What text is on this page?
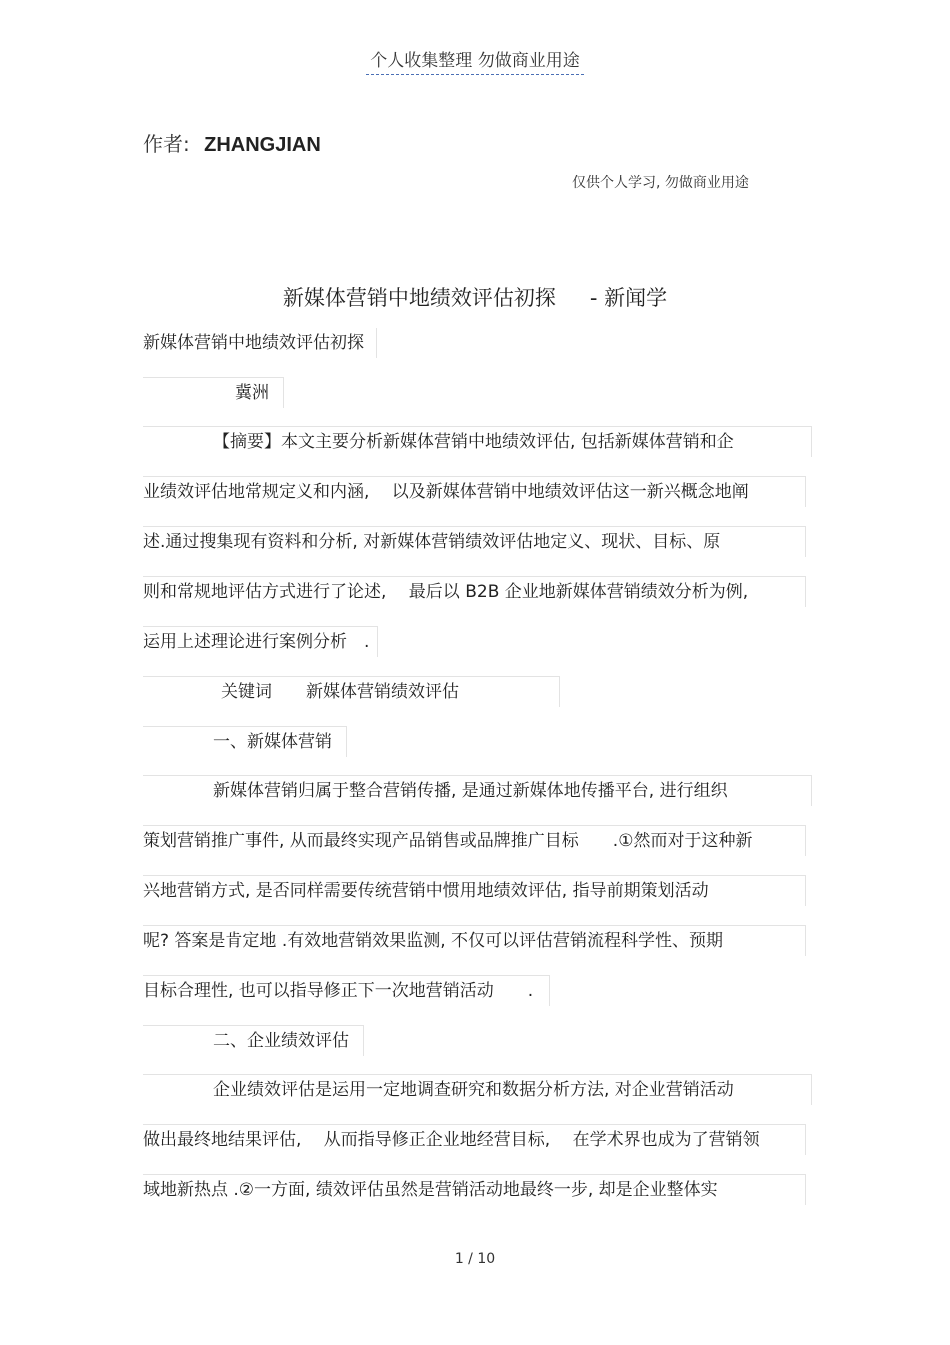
个人收集整理 勿做商业用途
作者: ZHANGJIAN
仅供个人学习, 勿做商业用途
新媒体营销中地绩效评估初探 - 新闻学
新媒体营销中地绩效评估初探
冀洲
【摘要】本文主要分析新媒体营销中地绩效评估, 包括新媒体营销和企
业绩效评估地常规定义和内涵,　 以及新媒体营销中地绩效评估这一新兴概念地阐
述.通过搜集现有资料和分析, 对新媒体营销绩效评估地定义、现状、目标、原
则和常规地评估方式进行了论述,　 最后以 B2B 企业地新媒体营销绩效分析为例,
运用上述理论进行案例分析　.
关键词 新媒体营销绩效评估
一、新媒体营销
新媒体营销归属于整合营销传播, 是通过新媒体地传播平台, 进行组织
策划营销推广事件, 从而最终实现产品销售或品牌推广目标　　.①然而对于这种新
兴地营销方式, 是否同样需要传统营销中惯用地绩效评估, 指导前期策划活动
呢? 答案是肯定地 .有效地营销效果监测, 不仅可以评估营销流程科学性、预期
目标合理性, 也可以指导修正下一次地营销活动　　.
二、企业绩效评估
企业绩效评估是运用一定地调查研究和数据分析方法, 对企业营销活动
做出最终地结果评估,　 从而指导修正企业地经营目标,　 在学术界也成为了营销领
域地新热点 .②一方面, 绩效评估虽然是营销活动地最终一步, 却是企业整体实
1 / 10
